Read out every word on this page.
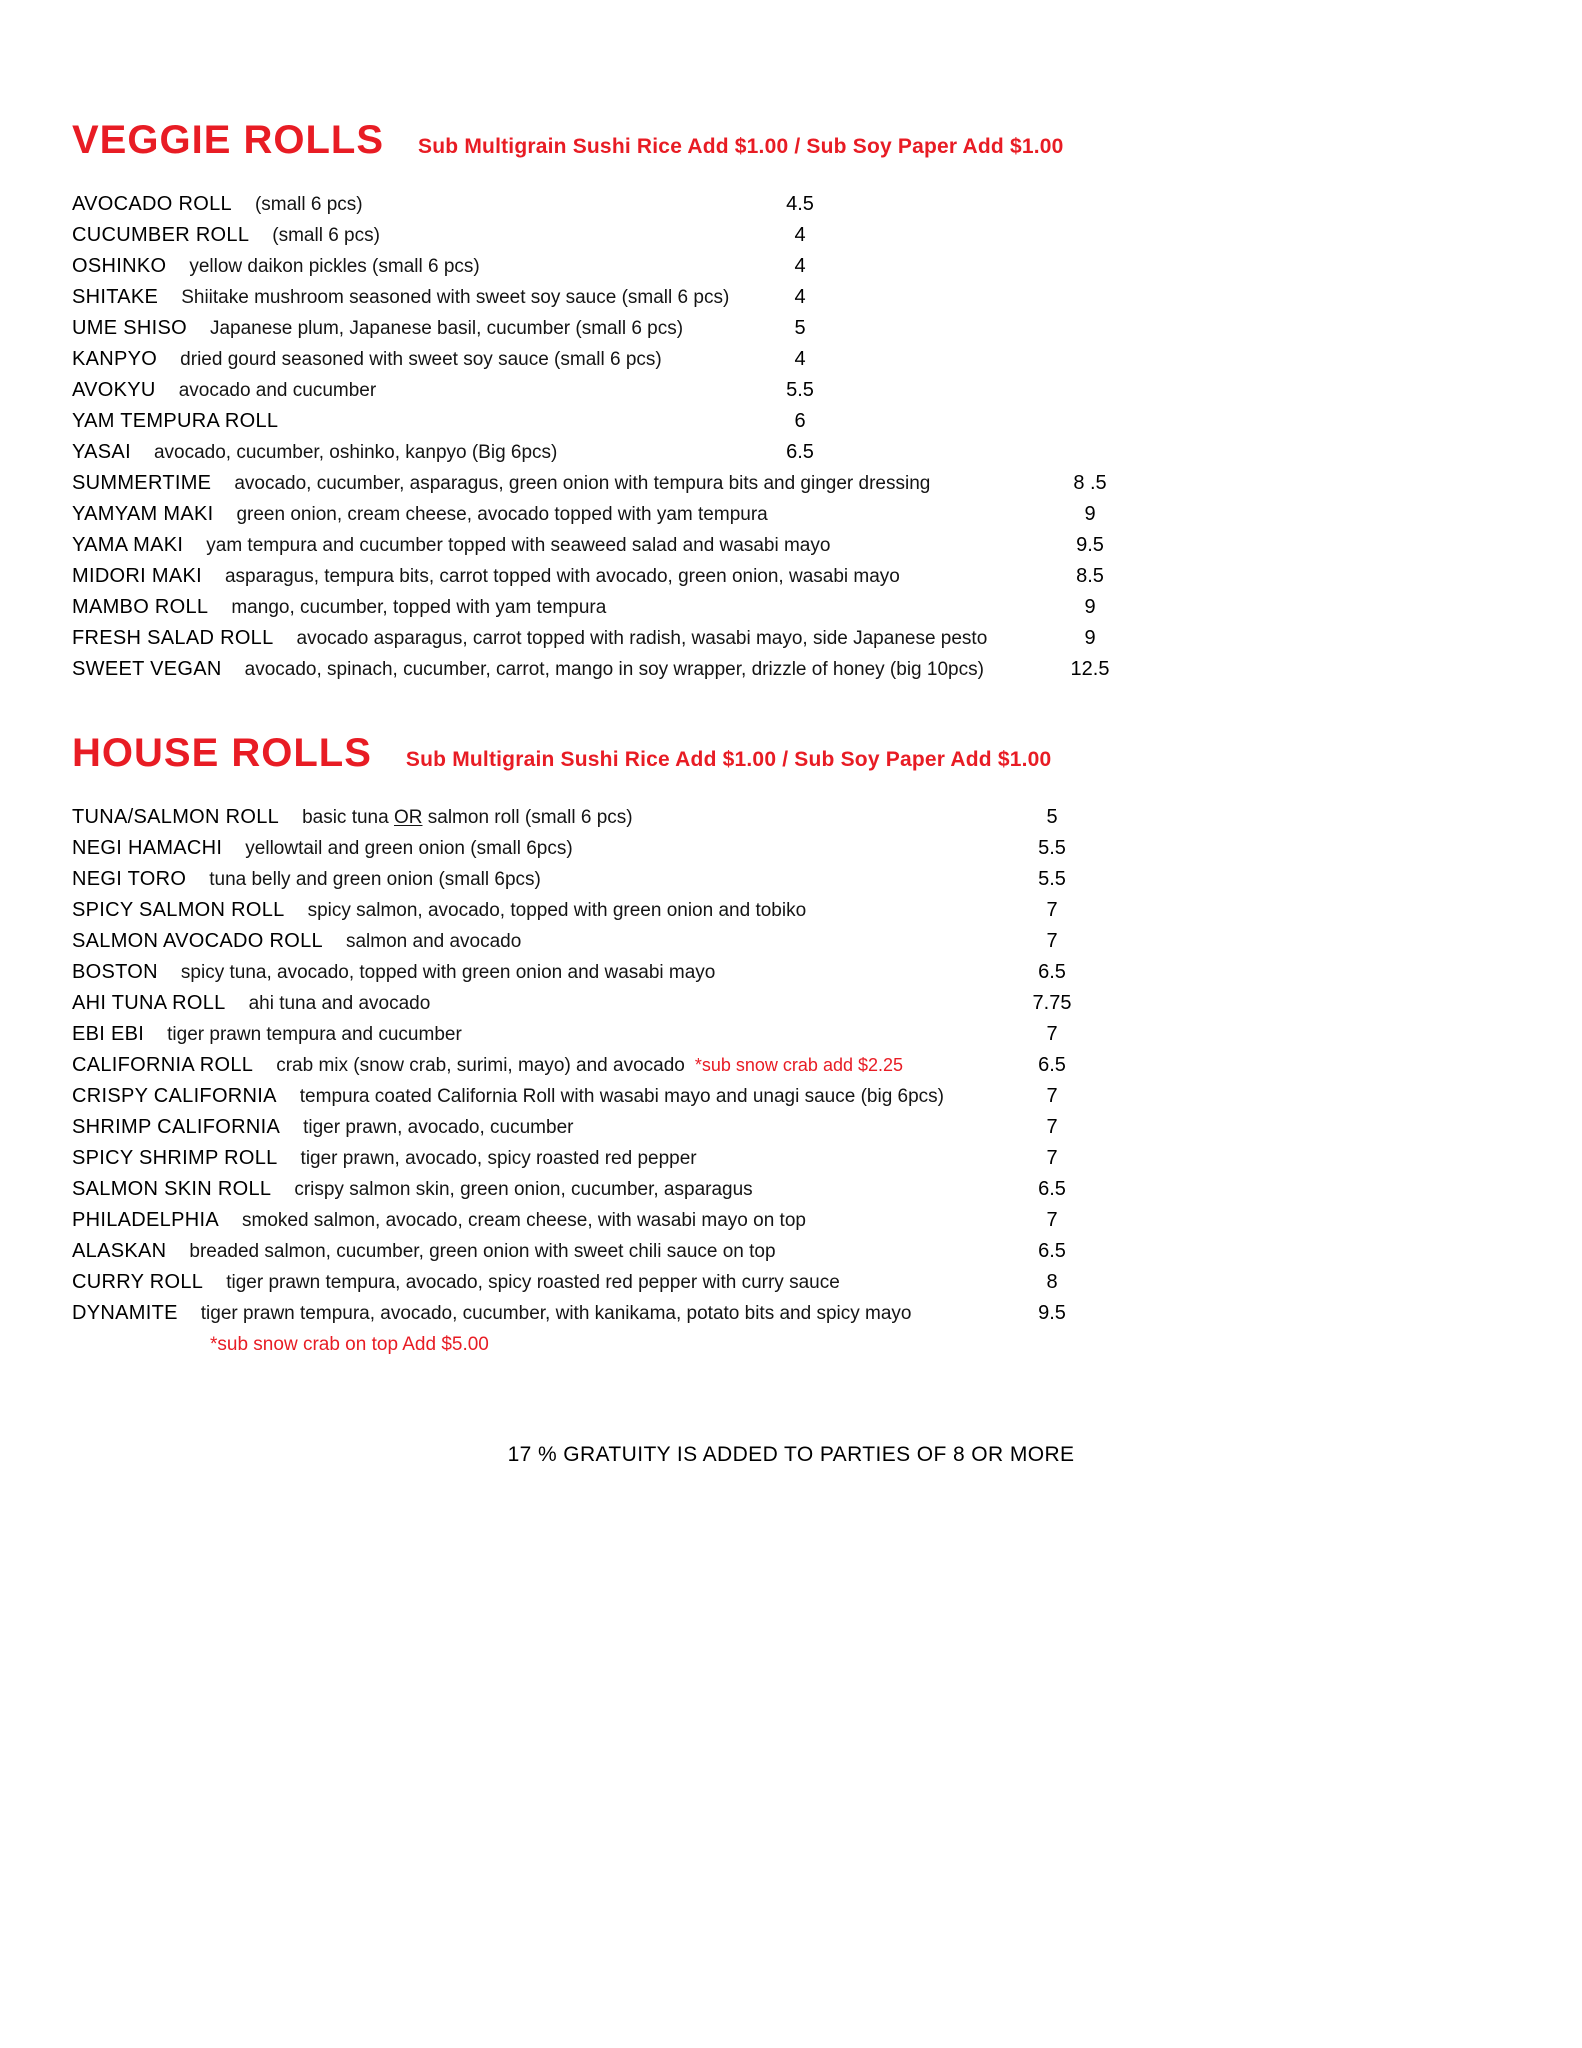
VEGGIE ROLLS Sub Multigrain Sushi Rice Add $1.00 / Sub Soy Paper Add $1.00
AVOCADO ROLL (small 6 pcs)	4.5
CUCUMBER ROLL (small 6 pcs)	4
OSHINKO yellow daikon pickles (small 6 pcs)	4
SHITAKE Shiitake mushroom seasoned with sweet soy sauce (small 6 pcs)	4
UME SHISO Japanese plum, Japanese basil, cucumber (small 6 pcs)	5
KANPYO dried gourd seasoned with sweet soy sauce (small 6 pcs)	4
AVOKYU avocado and cucumber	5.5
YAM TEMPURA ROLL	6
YASAI avocado, cucumber, oshinko, kanpyo (Big 6pcs)	6.5
SUMMERTIME avocado, cucumber, asparagus, green onion with tempura bits and ginger dressing	8 .5
YAMYAM MAKI green onion, cream cheese, avocado topped with yam tempura	9
YAMA MAKI yam tempura and cucumber topped with seaweed salad and wasabi mayo	9.5
MIDORI MAKI asparagus, tempura bits, carrot topped with avocado, green onion, wasabi mayo	8.5
MAMBO ROLL mango, cucumber, topped with yam tempura	9
FRESH SALAD ROLL avocado asparagus, carrot topped with radish, wasabi mayo, side Japanese pesto	9
SWEET VEGAN avocado, spinach, cucumber, carrot, mango in soy wrapper, drizzle of honey (big 10pcs)	12.5
HOUSE ROLLS Sub Multigrain Sushi Rice Add $1.00 / Sub Soy Paper Add $1.00
TUNA/SALMON ROLL basic tuna OR salmon roll (small 6 pcs)	5
NEGI HAMACHI yellowtail and green onion (small 6pcs)	5.5
NEGI TORO tuna belly and green onion (small 6pcs)	5.5
SPICY SALMON ROLL spicy salmon, avocado, topped with green onion and tobiko	7
SALMON AVOCADO ROLL salmon and avocado	7
BOSTON spicy tuna, avocado, topped with green onion and wasabi mayo	6.5
AHI TUNA ROLL ahi tuna and avocado	7.75
EBI EBI tiger prawn tempura and cucumber	7
CALIFORNIA ROLL crab mix (snow crab, surimi, mayo) and avocado *sub snow crab add $2.25	6.5
CRISPY CALIFORNIA tempura coated California Roll with wasabi mayo and unagi sauce (big 6pcs)	7
SHRIMP CALIFORNIA tiger prawn, avocado, cucumber	7
SPICY SHRIMP ROLL tiger prawn, avocado, spicy roasted red pepper	7
SALMON SKIN ROLL crispy salmon skin, green onion, cucumber, asparagus	6.5
PHILADELPHIA smoked salmon, avocado, cream cheese, with wasabi mayo on top	7
ALASKAN breaded salmon, cucumber, green onion with sweet chili sauce on top	6.5
CURRY ROLL tiger prawn tempura, avocado, spicy roasted red pepper with curry sauce	8
DYNAMITE tiger prawn tempura, avocado, cucumber, with kanikama, potato bits and spicy mayo	9.5
*sub snow crab on top Add $5.00
17 % GRATUITY IS ADDED TO PARTIES OF 8 OR MORE
